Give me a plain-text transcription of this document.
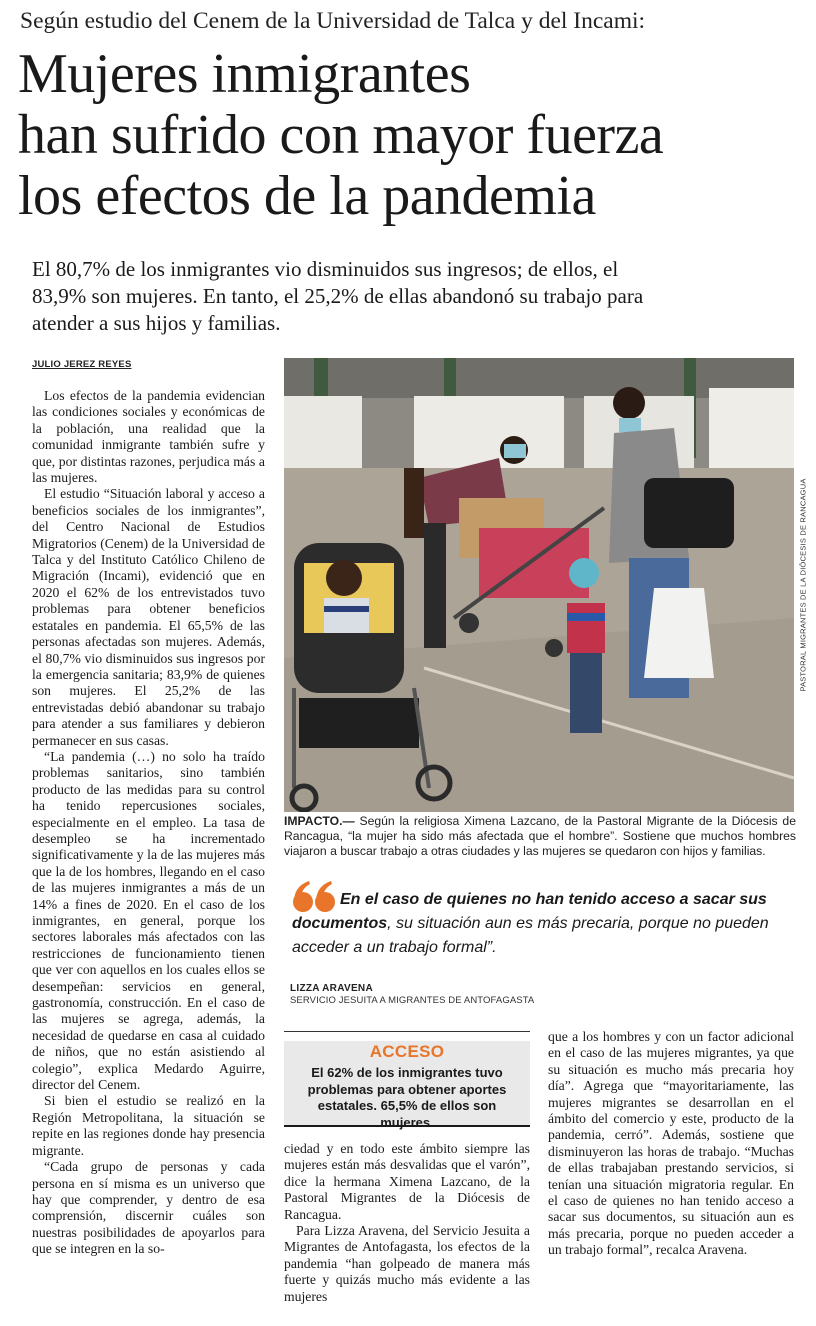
Según estudio del Cenem de la Universidad de Talca y del Incami:
Mujeres inmigrantes
han sufrido con mayor fuerza
los efectos de la pandemia
El 80,7% de los inmigrantes vio disminuidos sus ingresos; de ellos, el
83,9% son mujeres. En tanto, el 25,2% de ellas abandonó su trabajo para
atender a sus hijos y familias.
JULIO JEREZ REYES

Los efectos de la pandemia evidencian las condiciones sociales y económicas de la población, una realidad que la comunidad inmigrante también sufre y que, por distintas razones, perjudica más a las mujeres.

El estudio “Situación laboral y acceso a beneficios sociales de los inmigrantes”, del Centro Nacional de Estudios Migratorios (Cenem) de la Universidad de Talca y del Instituto Católico Chileno de Migración (Incami), evidenció que en 2020 el 62% de los entrevistados tuvo problemas para obtener beneficios estatales en pandemia. El 65,5% de las personas afectadas son mujeres. Además, el 80,7% vio disminuidos sus ingresos por la emergencia sanitaria; 83,9% de quienes son mujeres. El 25,2% de las entrevistadas debió abandonar su trabajo para atender a sus familiares y debieron permanecer en sus casas.

“La pandemia (…) no solo ha traído problemas sanitarios, sino también producto de las medidas para su control ha tenido repercusiones sociales, especialmente en el empleo. La tasa de desempleo se ha incrementado significativamente y la de las mujeres más que la de los hombres, llegando en el caso de las mujeres inmigrantes a más de un 14% a fines de 2020. En el caso de los inmigrantes, en general, porque los sectores laborales más afectados con las restricciones de funcionamiento tienen que ver con aquellos en los cuales ellos se desempeñan: servicios en general, gastronomía, construcción. En el caso de las mujeres se agrega, además, la necesidad de quedarse en casa al cuidado de niños, que no están asistiendo al colegio”, explica Medardo Aguirre, director del Cenem.

Si bien el estudio se realizó en la Región Metropolitana, la situación se repite en las regiones donde hay presencia migrante.

“Cada grupo de personas y cada persona en sí misma es un universo que hay que comprender, y dentro de esa comprensión, discernir cuáles son nuestras posibilidades de apoyarlos para que se integren en la so-

PASTORAL MIGRANTES DE LA DIÓCESIS DE RANCAGUA
IMPACTO.— Según la religiosa Ximena Lazcano, de la Pastoral Migrante de la Diócesis de Rancagua, “la mujer ha sido más afectada que el hombre”. Sostiene que muchos hombres viajaron a buscar trabajo a otras ciudades y las mujeres se quedaron con hijos y familias.
En el caso de quienes no han tenido acceso a sacar sus documentos, su situación aun es más precaria, porque no pueden acceder a un trabajo formal”.
LIZZA ARAVENA
SERVICIO JESUITA A MIGRANTES DE ANTOFAGASTA
ACCESO
El 62% de los inmigrantes tuvo problemas para obtener aportes estatales. 65,5% de ellos son mujeres.

ciedad y en todo este ámbito siempre las mujeres están más desvalidas que el varón”, dice la hermana Ximena Lazcano, de la Pastoral Migrantes de la Diócesis de Rancagua.

Para Lizza Aravena, del Servicio Jesuita a Migrantes de Antofagasta, los efectos de la pandemia “han golpeado de manera más fuerte y quizás mucho más evidente a las mujeres

que a los hombres y con un factor adicional en el caso de las mujeres migrantes, ya que su situación es mucho más precaria hoy día”. Agrega que “mayoritariamente, las mujeres migrantes se desarrollan en el ámbito del comercio y este, producto de la pandemia, cerró”. Además, sostiene que disminuyeron las horas de trabajo. “Muchas de ellas trabajaban prestando servicios, si tenían una situación migratoria regular. En el caso de quienes no han tenido acceso a sacar sus documentos, su situación aun es más precaria, porque no pueden acceder a un trabajo formal”, recalca Aravena.
